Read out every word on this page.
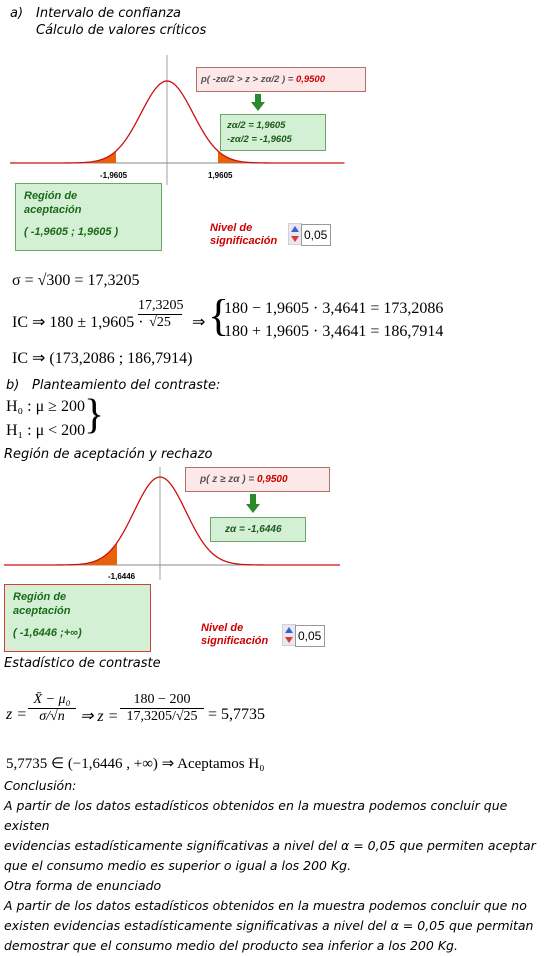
a) Intervalo de confianza
Cálculo de valores críticos
-1,9605	1,9605
p( -zα/2 > z > zα/2 ) = 0,9500
zα/2 = 1,9605
-zα/2 = -1,9605
Región de aceptación
( -1,9605 ; 1,9605 )	Nivel de significación	0,05
σ = √300 = 17,3205
IC ⇒ 180 ± 1,9605 ·
$\frac{17,3205}{√25}$ ⇒ {
180 − 1,9605 · 3,4641 = 173,2086
180 + 1,9605 · 3,4641 = 186,7914
IC ⇒ (173,2086 ; 186,7914)
b) Planteamiento del contraste:
H₀ : μ ≥ 200
H₁ : μ < 200
}
Región de aceptación y rechazo
-1,6446
p( z ≥ zα ) = 0,9500
zα = -1,6446
Región de aceptación
( -1,6446 ;+∞)	Nivel de significación	0,05
Estadístico de contraste
$z = \frac{\text{X̄ − μ₀}}{\sigma/√n}$ ⇒ $z = \frac{180 - 200}{17,3205/√25} = 5,7735$
5,7735 ∈ (−1,6446 , +∞) ⇒ Aceptamos H₀
Conclusión:
A partir de los datos estadísticos obtenidos en la muestra podemos concluir que existen
evidencias estadísticamente significativas a nivel del α = 0,05 que permiten aceptar
que el consumo medio es superior o igual a los 200 Kg.
Otra forma de enunciado
A partir de los datos estadísticos obtenidos en la muestra podemos concluir que no
existen evidencias estadísticamente significativas a nivel del α = 0,05 que permitan
demostrar que el consumo medio del producto sea inferior a los 200 Kg.
